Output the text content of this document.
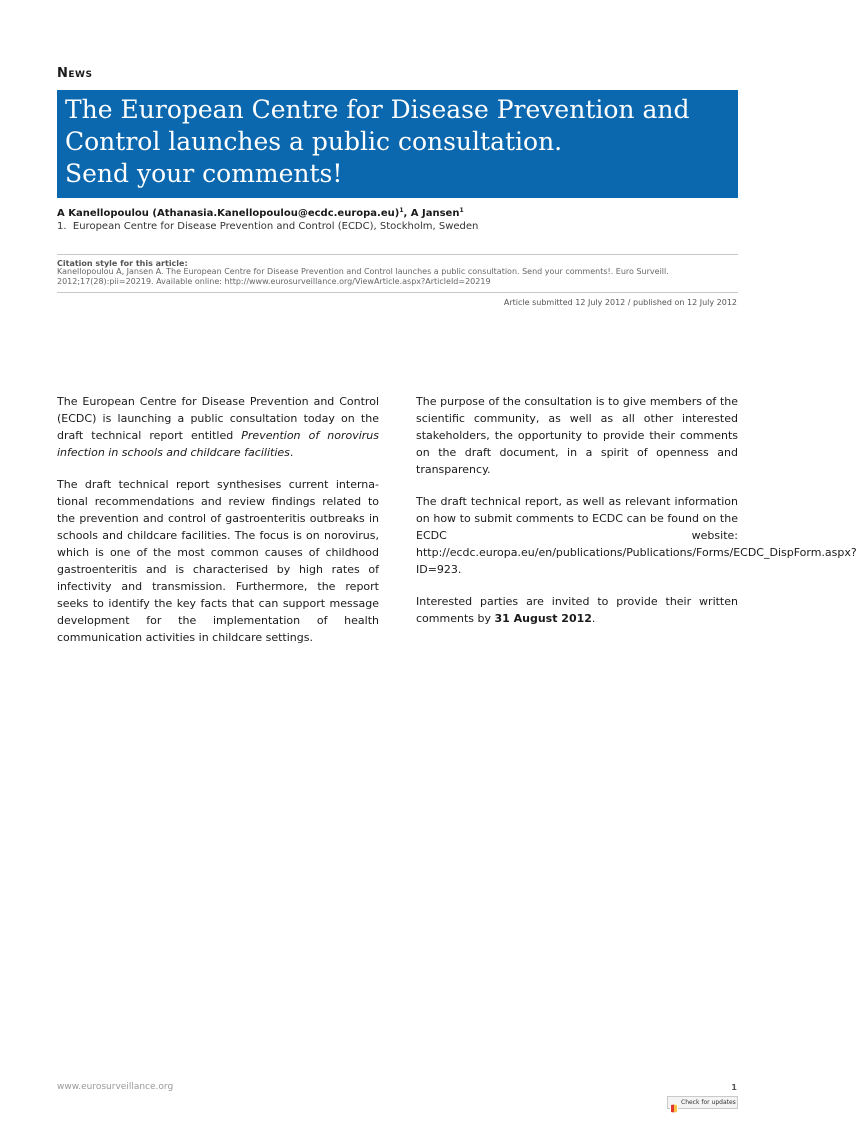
News
The European Centre for Disease Prevention and
Control launches a public consultation.
Send your comments!
A Kanellopoulou (Athanasia.Kanellopoulou@ecdc.europa.eu)$^1$, A Jansen$^1$
1.  European Centre for Disease Prevention and Control (ECDC), Stockholm, Sweden
Citation style for this article:
Kanellopoulou A, Jansen A. The European Centre for Disease Prevention and Control launches a public consultation. Send your comments!. Euro Surveill.
2012;17(28):pii=20219. Available online: http://www.eurosurveillance.org/ViewArticle.aspx?ArticleId=20219
Article submitted 12 July 2012 / published on 12 July 2012

The European Centre for Disease Prevention and Control (ECDC) is launching a public consultation today on the draft technical report entitled Prevention of norovirus infection in schools and childcare facilities.

The draft technical report synthesises current international recommendations and review findings related to the prevention and control of gastroenteritis outbreaks in schools and childcare facilities. The focus is on norovirus, which is one of the most common causes of childhood gastroenteritis and is characterised by high rates of infectivity and transmission. Furthermore, the report seeks to identify the key facts that can support message development for the implementation of health communication activities in childcare settings.

The purpose of the consultation is to give members of the scientific community, as well as all other interested stakeholders, the opportunity to provide their comments on the draft document, in a spirit of openness and transparency.

The draft technical report, as well as relevant information on how to submit comments to ECDC can be found on the ECDC website: http://ecdc.europa.eu/en/publications/Publications/Forms/ECDC_DispForm.aspx?ID=923.

Interested parties are invited to provide their written comments by 31 August 2012.

www.eurosurveillance.org	1
Check for updates
